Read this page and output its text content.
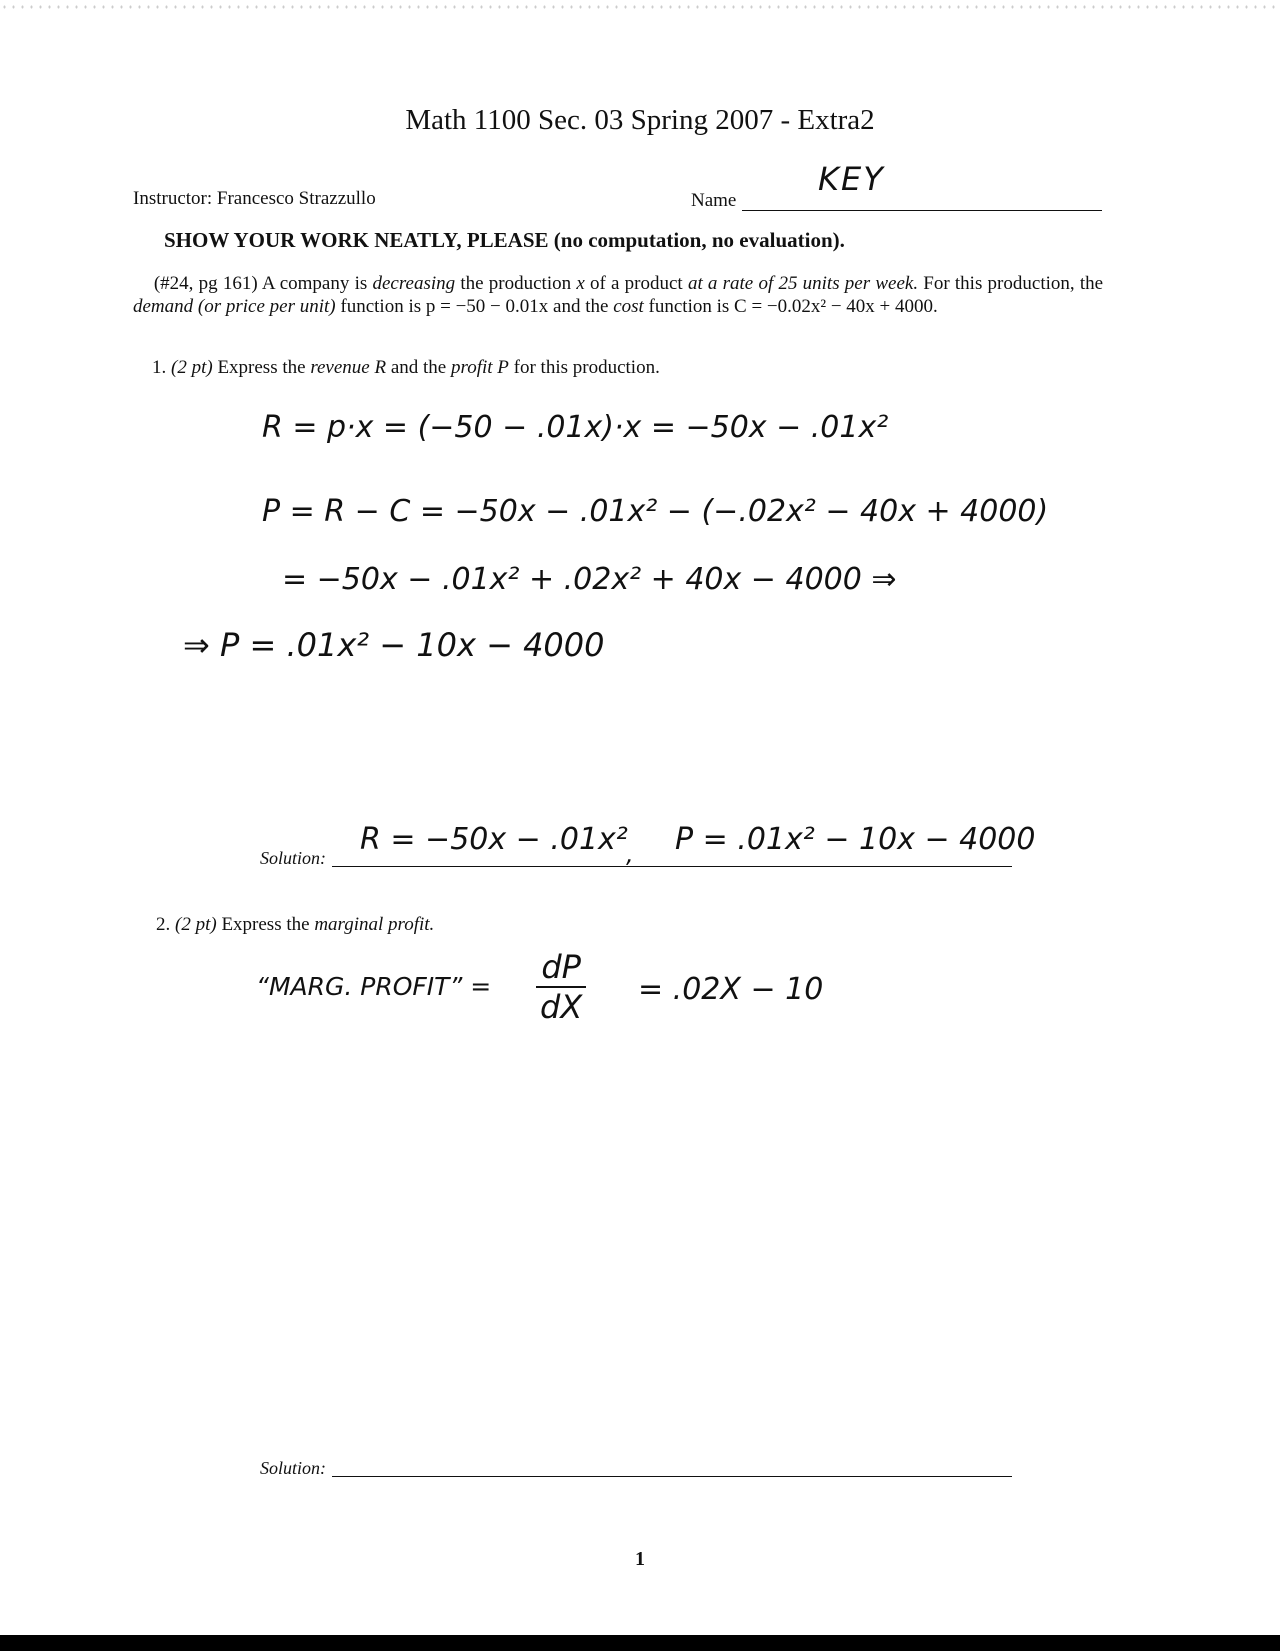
Math 1100 Sec. 03 Spring 2007 - Extra2
Instructor: Francesco Strazzullo	Name
KEY
SHOW YOUR WORK NEATLY, PLEASE (no computation, no evaluation).
(#24, pg 161) A company is decreasing the production x of a product at a rate of 25 units per week. For this production, the demand (or price per unit) function is p = −50 − 0.01x and the cost function is C = −0.02x² − 40x + 4000.
1. (2 pt) Express the revenue R and the profit P for this production.
R = p·x = (−50 − .01x)·x = −50x − .01x²
P = R − C = −50x − .01x² − (−.02x² − 40x + 4000)
= −50x − .01x² + .02x² + 40x − 4000 ⇒
⇒ P = .01x² − 10x − 4000
Solution:
R = −50x − .01x²
, P = .01x² − 10x − 4000
2. (2 pt) Express the marginal profit.
“MARG. PROFIT” = $\frac{dP}{dX} = .02X - 10$
Solution:
1
